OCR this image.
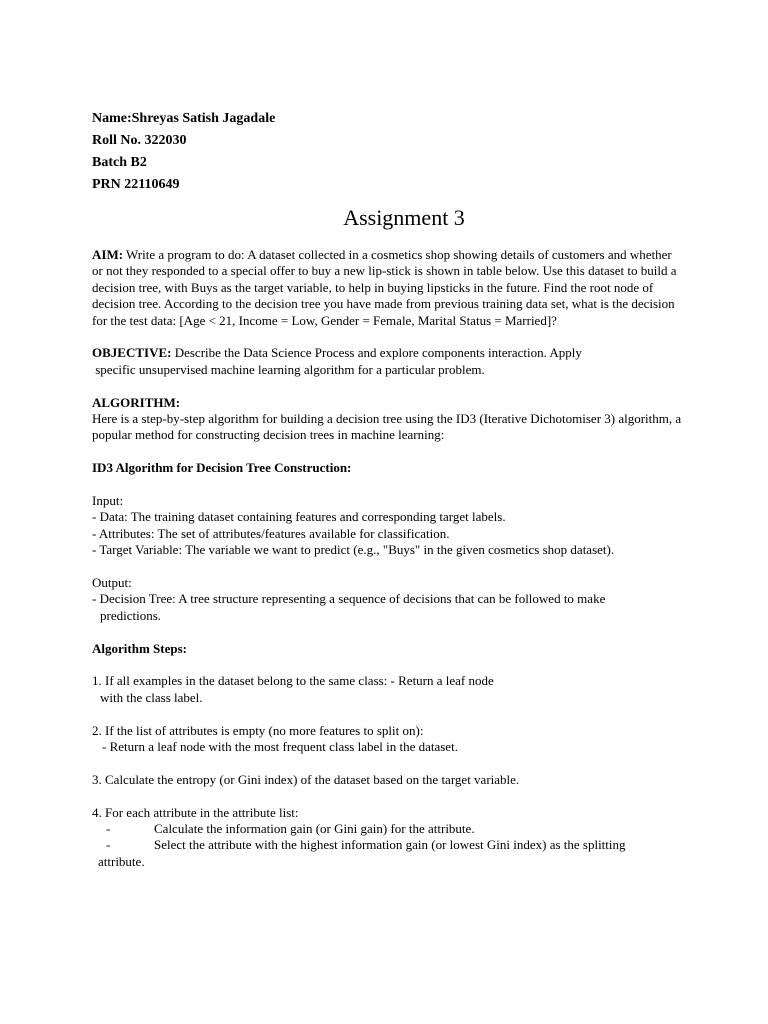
Name:Shreyas Satish Jagadale

Roll No. 322030

Batch B2

PRN 22110649

Assignment 3

AIM: Write a program to do: A dataset collected in a cosmetics shop showing details of customers and whether or not they responded to a special offer to buy a new lip-stick is shown in table below. Use this dataset to build a decision tree, with Buys as the target variable, to help in buying lipsticks in the future. Find the root node of decision tree. According to the decision tree you have made from previous training data set, what is the decision for the test data: [Age < 21, Income = Low, Gender = Female, Marital Status = Married]?

OBJECTIVE: Describe the Data Science Process and explore components interaction. Apply

specific unsupervised machine learning algorithm for a particular problem.

ALGORITHM:

Here is a step-by-step algorithm for building a decision tree using the ID3 (Iterative Dichotomiser 3) algorithm, a popular method for constructing decision trees in machine learning:

ID3 Algorithm for Decision Tree Construction:

Input:

- Data: The training dataset containing features and corresponding target labels.

- Attributes: The set of attributes/features available for classification.

- Target Variable: The variable we want to predict (e.g., "Buys" in the given cosmetics shop dataset).

Output:

- Decision Tree: A tree structure representing a sequence of decisions that can be followed to make

predictions.

Algorithm Steps:

1. If all examples in the dataset belong to the same class: - Return a leaf node

with the class label.

2. If the list of attributes is empty (no more features to split on):

- Return a leaf node with the most frequent class label in the dataset.

3. Calculate the entropy (or Gini index) of the dataset based on the target variable.

4. For each attribute in the attribute list:

-	Calculate the information gain (or Gini gain) for the attribute.
-	Select the attribute with the highest information gain (or lowest Gini index) as the splitting

attribute.
